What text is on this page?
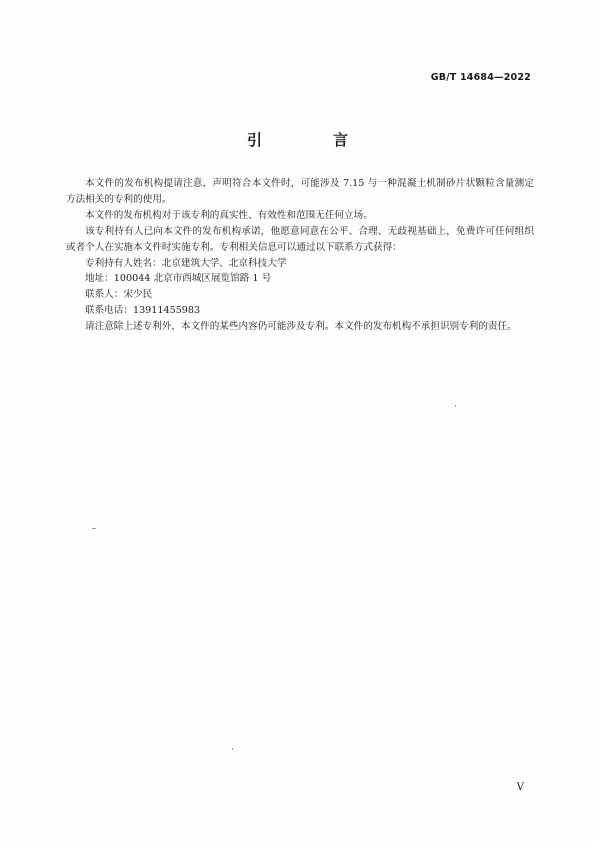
GB/T 14684—2022
引　言

本文件的发布机构提请注意，声明符合本文件时，可能涉及 7.15 与一种混凝土机制砂片状颗粒含量测定方法相关的专利的使用。

本文件的发布机构对于该专利的真实性、有效性和范围无任何立场。

该专利持有人已向本文件的发布机构承诺，他愿意同意在公平、合理、无歧视基础上，免费许可任何组织或者个人在实施本文件时实施专利。专利相关信息可以通过以下联系方式获得：

专利持有人姓名：北京建筑大学、北京科技大学

地址：100044 北京市西城区展览馆路 1 号

联系人：宋少民

联系电话：13911455983

请注意除上述专利外，本文件的某些内容仍可能涉及专利。本文件的发布机构不承担识别专利的责任。

V
